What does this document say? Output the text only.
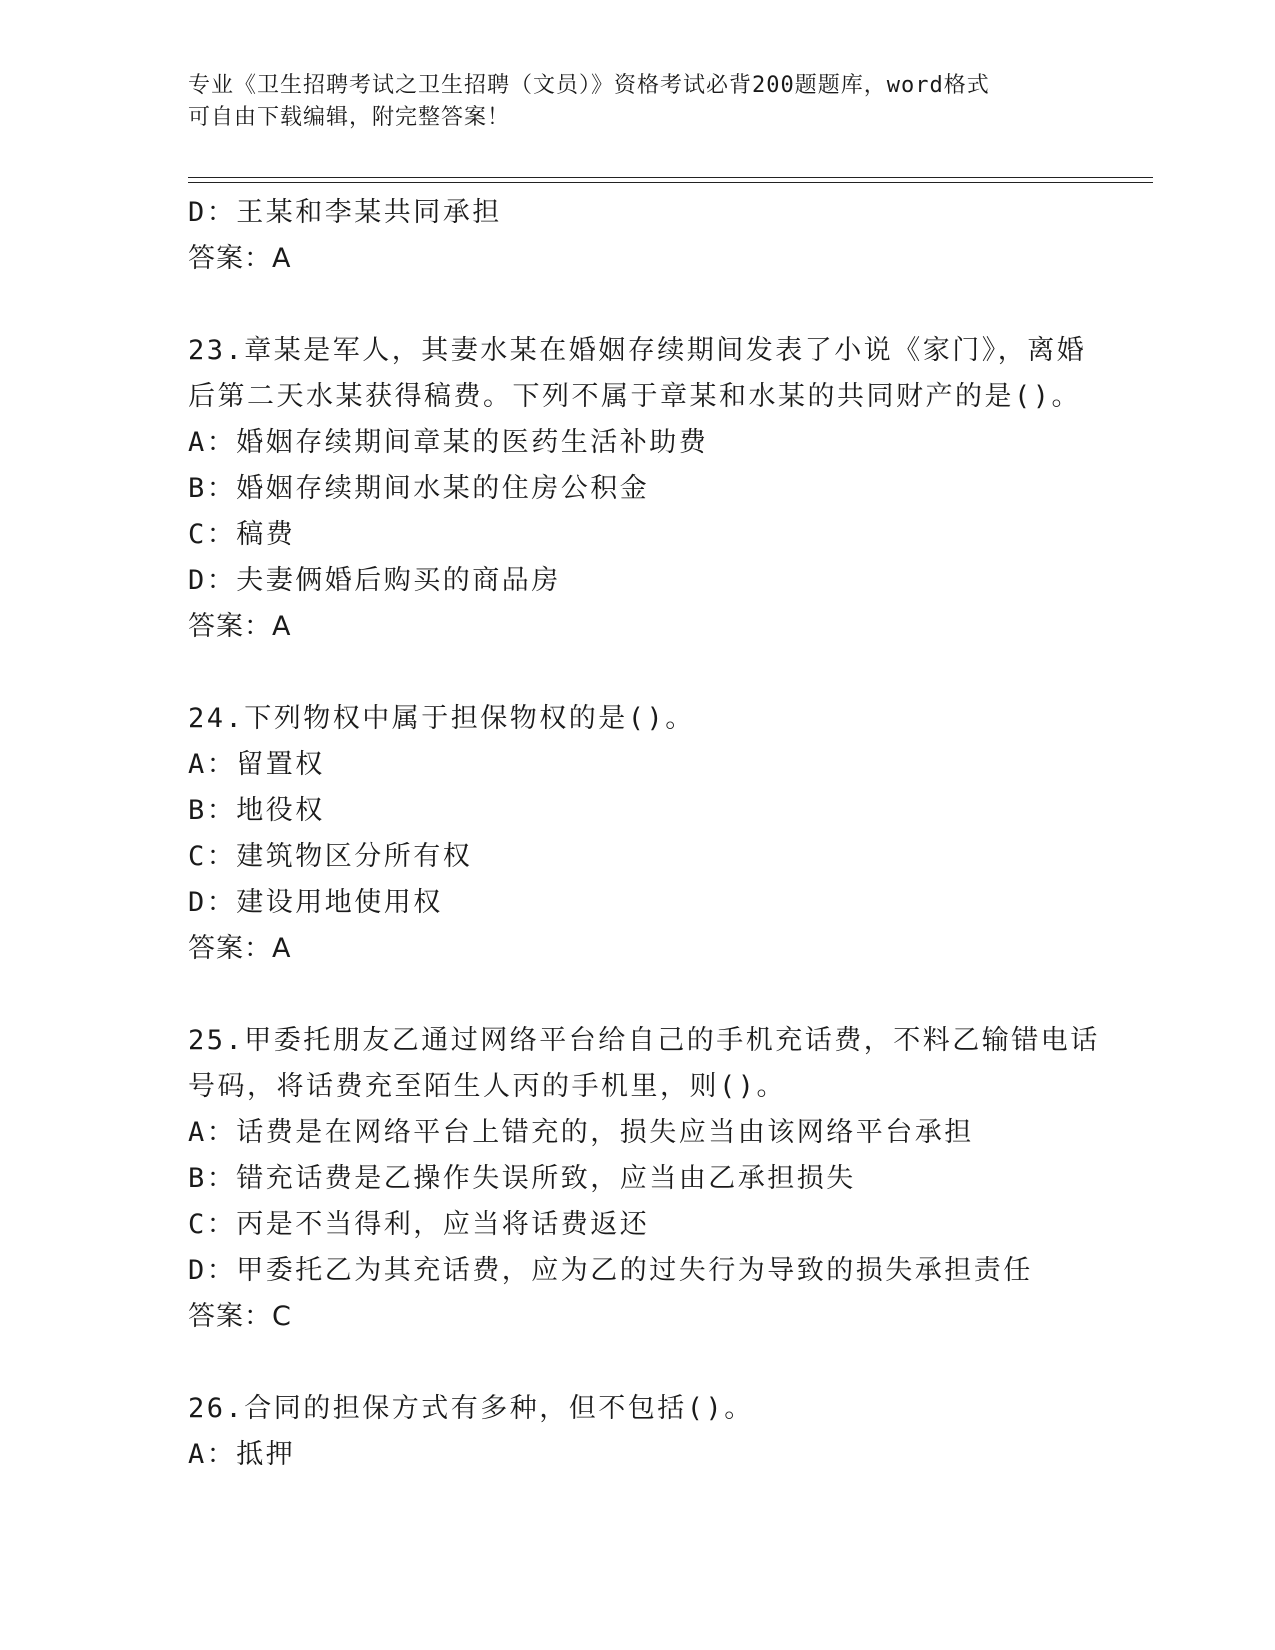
专业《卫生招聘考试之卫生招聘（文员）》资格考试必背200题题库，word格式
可自由下载编辑，附完整答案！
D：王某和李某共同承担
答案：A
23.章某是军人，其妻水某在婚姻存续期间发表了小说《家门》，离婚
后第二天水某获得稿费。下列不属于章某和水某的共同财产的是()。
A：婚姻存续期间章某的医药生活补助费
B：婚姻存续期间水某的住房公积金
C：稿费
D：夫妻俩婚后购买的商品房
答案：A
24.下列物权中属于担保物权的是()。
A：留置权
B：地役权
C：建筑物区分所有权
D：建设用地使用权
答案：A
25.甲委托朋友乙通过网络平台给自己的手机充话费，不料乙输错电话
号码，将话费充至陌生人丙的手机里，则()。
A：话费是在网络平台上错充的，损失应当由该网络平台承担
B：错充话费是乙操作失误所致，应当由乙承担损失
C：丙是不当得利，应当将话费返还
D：甲委托乙为其充话费，应为乙的过失行为导致的损失承担责任
答案：C
26.合同的担保方式有多种，但不包括()。
A：抵押
